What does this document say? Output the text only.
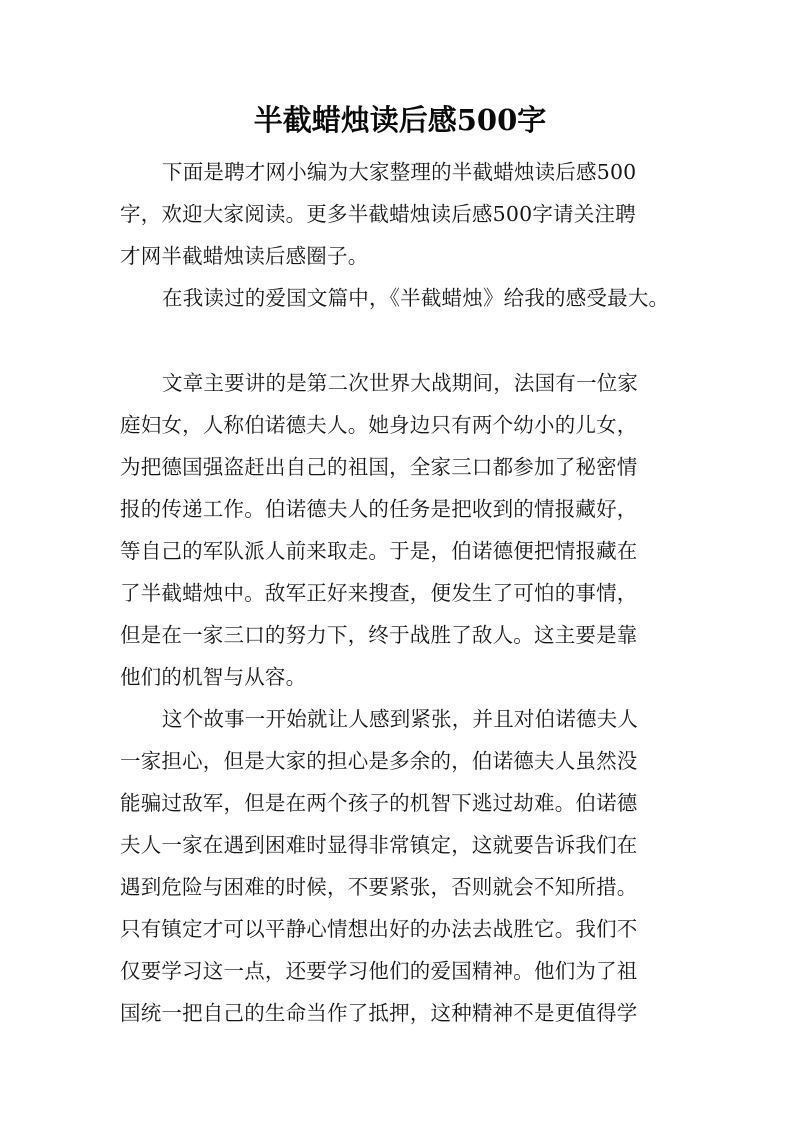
半截蜡烛读后感500字
下面是聘才网小编为大家整理的半截蜡烛读后感500
字，欢迎大家阅读。更多半截蜡烛读后感500字请关注聘
才网半截蜡烛读后感圈子。
在我读过的爱国文篇中，《半截蜡烛》给我的感受最大。
文章主要讲的是第二次世界大战期间，法国有一位家
庭妇女，人称伯诺德夫人。她身边只有两个幼小的儿女，
为把德国强盗赶出自己的祖国，全家三口都参加了秘密情
报的传递工作。伯诺德夫人的任务是把收到的情报藏好，
等自己的军队派人前来取走。于是，伯诺德便把情报藏在
了半截蜡烛中。敌军正好来搜查，便发生了可怕的事情，
但是在一家三口的努力下，终于战胜了敌人。这主要是靠
他们的机智与从容。
这个故事一开始就让人感到紧张，并且对伯诺德夫人
一家担心，但是大家的担心是多余的，伯诺德夫人虽然没
能骗过敌军，但是在两个孩子的机智下逃过劫难。伯诺德
夫人一家在遇到困难时显得非常镇定，这就要告诉我们在
遇到危险与困难的时候，不要紧张，否则就会不知所措。
只有镇定才可以平静心情想出好的办法去战胜它。我们不
仅要学习这一点，还要学习他们的爱国精神。他们为了祖
国统一把自己的生命当作了抵押，这种精神不是更值得学
